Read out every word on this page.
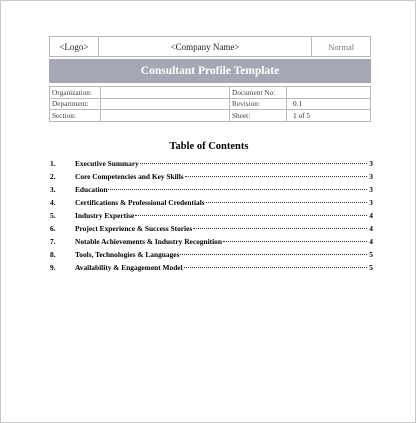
<Logo>	<Company Name>	Normal
Consultant Profile Template
Organization:		Document No:	
Department:		Revision:	0.1
Section:		Sheet:	1 of 5
Table of Contents
1.	Executive Summary	3
2.	Core Competencies and Key Skills	3
3.	Education	3
4.	Certifications & Professional Credentials	3
5.	Industry Expertise	4
6.	Project Experience & Success Stories	4
7.	Notable Achievements & Industry Recognition	4
8.	Tools, Technologies & Languages	5
9.	Availability & Engagement Model	5
